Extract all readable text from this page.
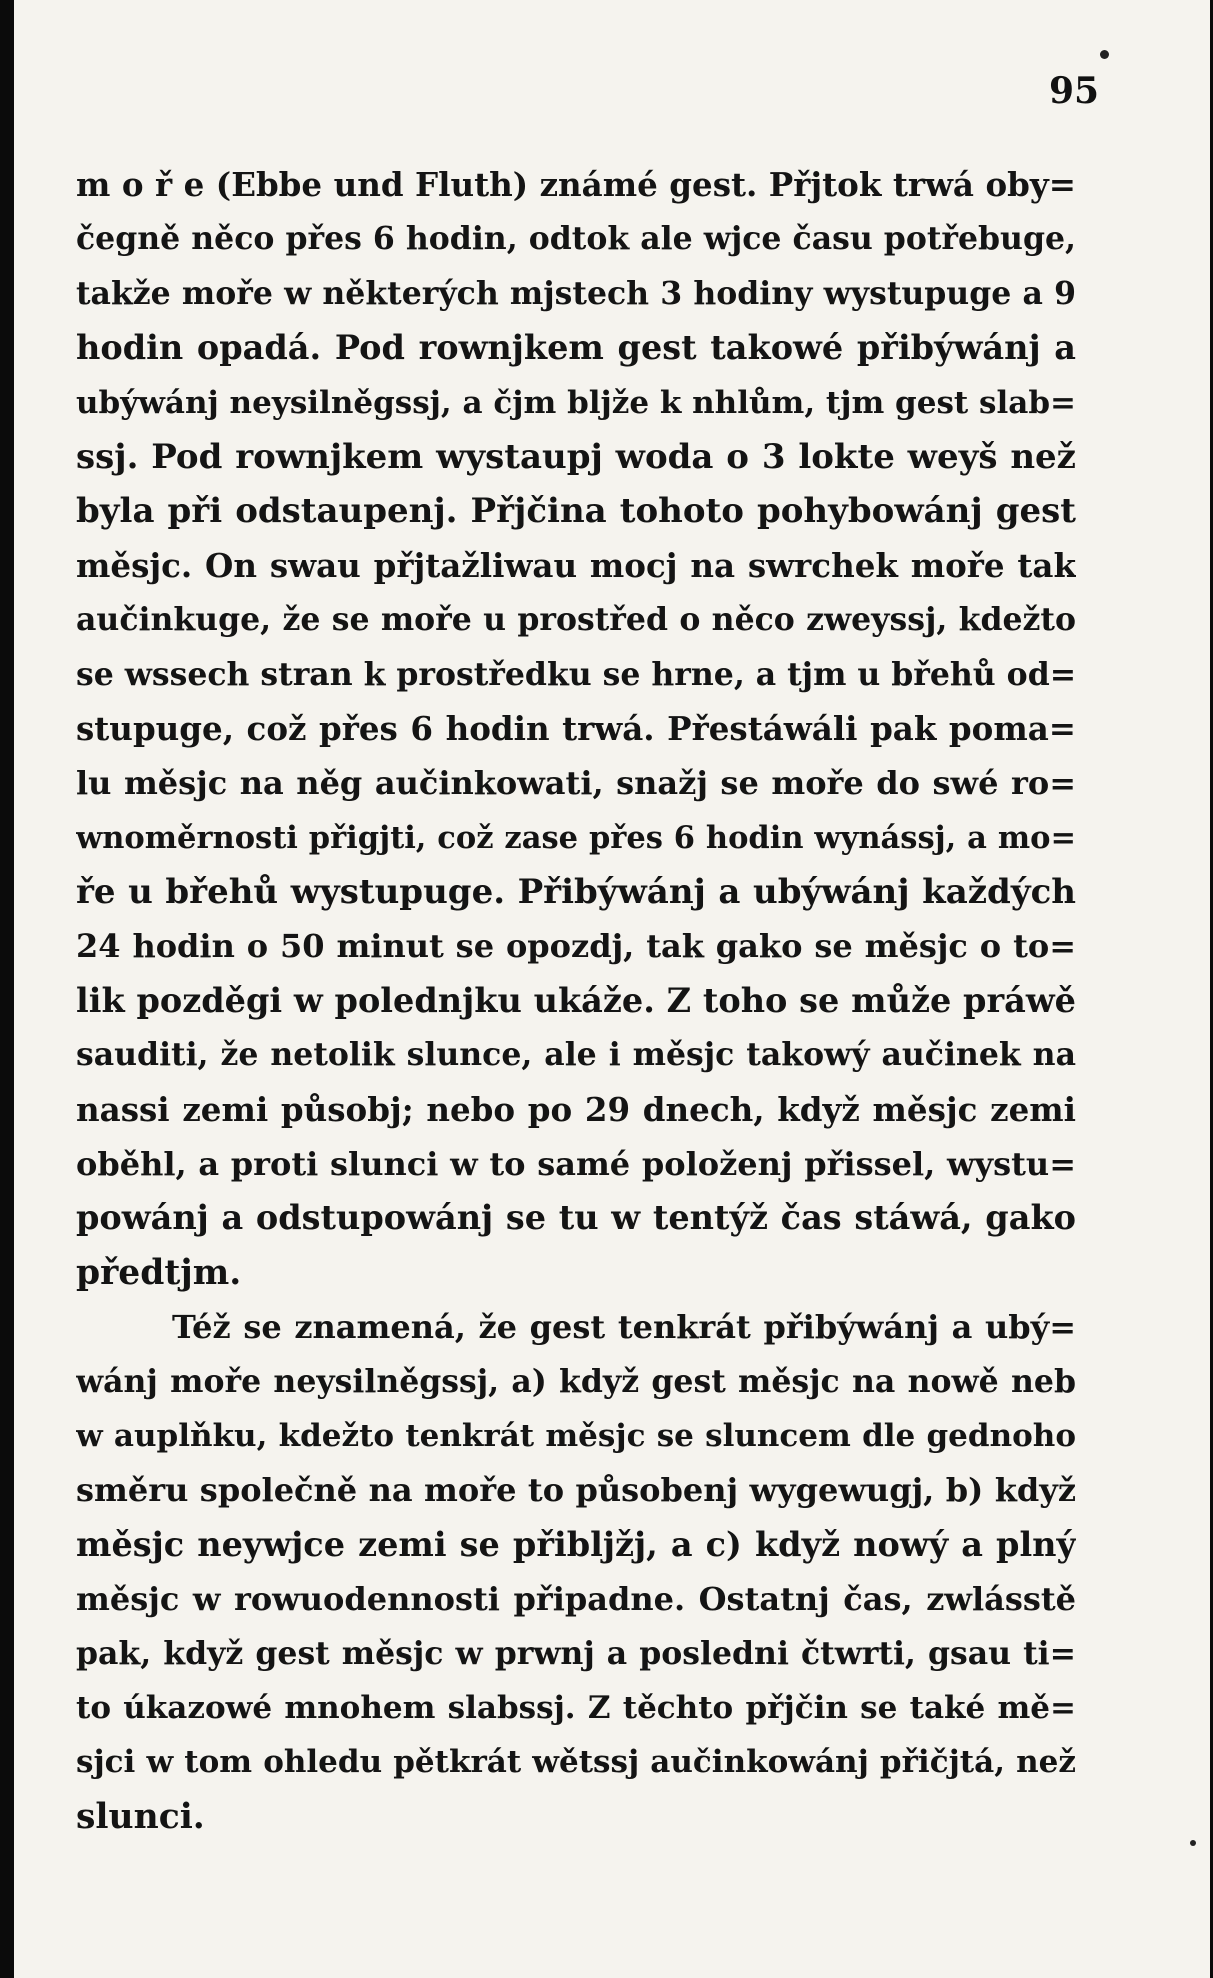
95
m o ř e (Ebbe und Fluth) známé gest. Přjtok trwá oby=
čegně něco přes 6 hodin, odtok ale wjce času potřebuge,
takže moře w některých mjstech 3 hodiny wystupuge a 9
hodin opadá. Pod rownjkem gest takowé přibýwánj a
ubýwánj neysilněgssj, a čjm bljže k nhlům, tjm gest slab=
ssj. Pod rownjkem wystaupj woda o 3 lokte weyš než
byla při odstaupenj. Přjčina tohoto pohybowánj gest
měsjc. On swau přjtažliwau mocj na swrchek moře tak
aučinkuge, že se moře u prostřed o něco zweyssj, kdežto
se wssech stran k prostředku se hrne, a tjm u břehů od=
stupuge, což přes 6 hodin trwá. Přestáwáli pak poma=
lu měsjc na něg aučinkowati, snažj se moře do swé ro=
wnoměrnosti přigjti, což zase přes 6 hodin wynássj, a mo=
ře u břehů wystupuge. Přibýwánj a ubýwánj každých
24 hodin o 50 minut se opozdj, tak gako se měsjc o to=
lik pozděgi w polednjku ukáže. Z toho se může práwě
sauditi, že netolik slunce, ale i měsjc takowý aučinek na
nassi zemi působj; nebo po 29 dnech, když měsjc zemi
oběhl, a proti slunci w to samé položenj přissel, wystu=
powánj a odstupowánj se tu w tentýž čas stáwá, gako
předtjm.
Též se znamená, že gest tenkrát přibýwánj a ubý=
wánj moře neysilněgssj, a) když gest měsjc na nowě neb
w auplňku, kdežto tenkrát měsjc se sluncem dle gednoho
směru společně na moře to působenj wygewugj, b) když
měsjc neywjce zemi se přibljžj, a c) když nowý a plný
měsjc w rowuodennosti připadne. Ostatnj čas, zwlásstě
pak, když gest měsjc w prwnj a posledni čtwrti, gsau ti=
to úkazowé mnohem slabssj. Z těchto přjčin se také mě=
sjci w tom ohledu pětkrát wětssj aučinkowánj přičjtá, než
slunci.
